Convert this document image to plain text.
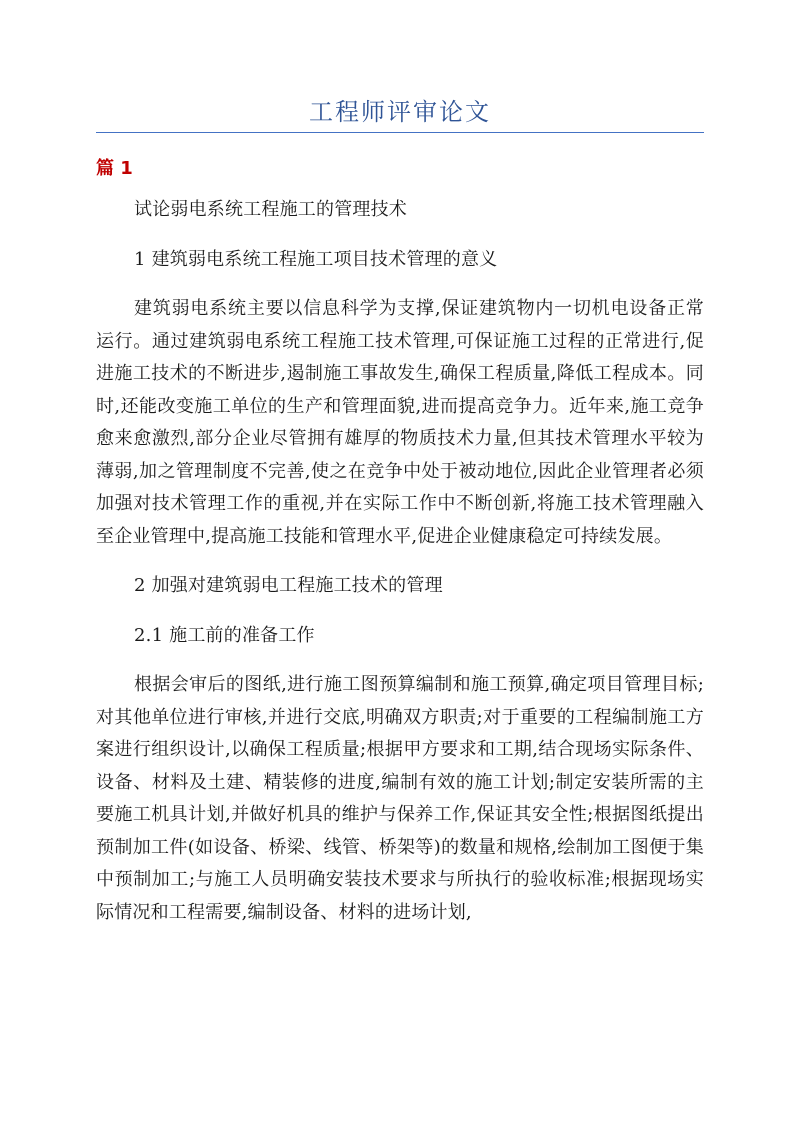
工程师评审论文
篇 1

试论弱电系统工程施工的管理技术

1 建筑弱电系统工程施工项目技术管理的意义

建筑弱电系统主要以信息科学为支撑,保证建筑物内一切机电设备正常运行。通过建筑弱电系统工程施工技术管理,可保证施工过程的正常进行,促进施工技术的不断进步,遏制施工事故发生,确保工程质量,降低工程成本。同时,还能改变施工单位的生产和管理面貌,进而提高竞争力。近年来,施工竞争愈来愈激烈,部分企业尽管拥有雄厚的物质技术力量,但其技术管理水平较为薄弱,加之管理制度不完善,使之在竞争中处于被动地位,因此企业管理者必须加强对技术管理工作的重视,并在实际工作中不断创新,将施工技术管理融入至企业管理中,提高施工技能和管理水平,促进企业健康稳定可持续发展。

2 加强对建筑弱电工程施工技术的管理

2.1 施工前的准备工作

根据会审后的图纸,进行施工图预算编制和施工预算,确定项目管理目标;对其他单位进行审核,并进行交底,明确双方职责;对于重要的工程编制施工方案进行组织设计,以确保工程质量;根据甲方要求和工期,结合现场实际条件、设备、材料及土建、精装修的进度,编制有效的施工计划;制定安装所需的主要施工机具计划,并做好机具的维护与保养工作,保证其安全性;根据图纸提出预制加工件(如设备、桥梁、线管、桥架等)的数量和规格,绘制加工图便于集中预制加工;与施工人员明确安装技术要求与所执行的验收标准;根据现场实际情况和工程需要,编制设备、材料的进场计划,
